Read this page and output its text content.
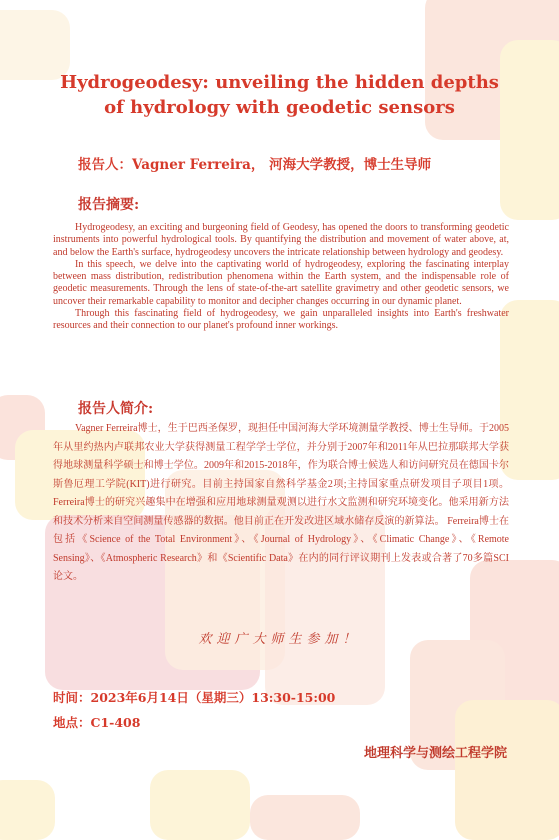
Hydrogeodesy: unveiling the hidden depths of hydrology with geodetic sensors

报告人：Vagner Ferreira， 河海大学教授，博士生导师

报告摘要:

Hydrogeodesy, an exciting and burgeoning field of Geodesy, has opened the doors to transforming geodetic instruments into powerful hydrological tools. By quantifying the distribution and movement of water above, at, and below the Earth's surface, hydrogeodesy uncovers the intricate relationship between hydrology and geodesy.

In this speech, we delve into the captivating world of hydrogeodesy, exploring the fascinating interplay between mass distribution, redistribution phenomena within the Earth system, and the indispensable role of geodetic measurements. Through the lens of state-of-the-art satellite gravimetry and other geodetic sensors, we uncover their remarkable capability to monitor and decipher changes occurring in our dynamic planet.

Through this fascinating field of hydrogeodesy, we gain unparalleled insights into Earth's freshwater resources and their connection to our planet's profound inner workings.

报告人简介:

Vagner Ferreira博士，生于巴西圣保罗，现担任中国河海大学环境测量学教授、博士生导师。于2005年从里约热内卢联邦农业大学获得测量工程学学士学位，并分别于2007年和2011年从巴拉那联邦大学获得地球测量科学硕士和博士学位。2009年和2015-2018年，作为联合博士候选人和访问研究员在德国卡尔斯鲁厄理工学院(KIT)进行研究。目前主持国家自然科学基金2项;主持国家重点研发项目子项目1项。Ferreira博士的研究兴趣集中在增强和应用地球测量观测以进行水文监测和研究环境变化。他采用新方法和技术分析来自空间测量传感器的数据。他目前正在开发改进区域水储存反演的新算法。 Ferreira博士在包括《Science of the Total Environment》、《Journal of Hydrology》、《Climatic Change》、《Remote Sensing》、《Atmospheric Research》和《Scientific Data》在内的同行评议期刊上发表或合著了70多篇SCI论文。

欢迎广大师生参加！

时间：2023年6月14日（星期三）13:30-15:00

地点：C1-408

地理科学与测绘工程学院
